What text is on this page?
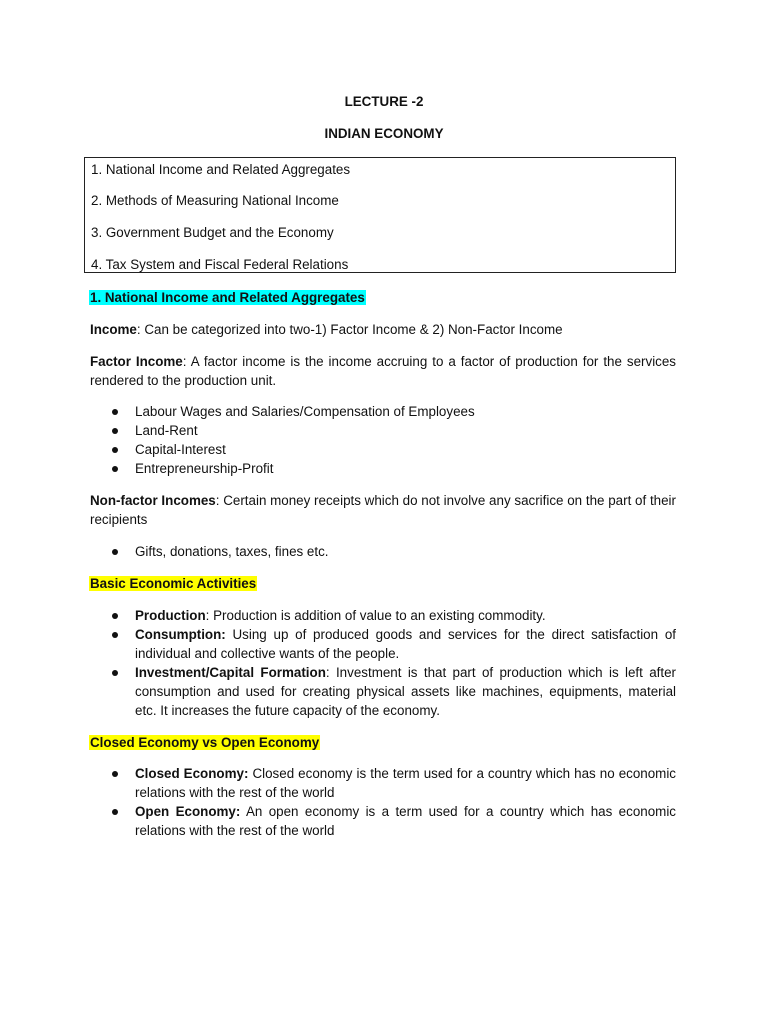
LECTURE -2
INDIAN ECONOMY
1. National Income and Related Aggregates
2. Methods of Measuring National Income
3. Government Budget and the Economy
4. Tax System and Fiscal Federal Relations
1. National Income and Related Aggregates
Income: Can be categorized into two-1) Factor Income & 2) Non-Factor Income
Factor Income: A factor income is the income accruing to a factor of production for the services rendered to the production unit.
Labour Wages and Salaries/Compensation of Employees
Land-Rent
Capital-Interest
Entrepreneurship-Profit
Non-factor Incomes: Certain money receipts which do not involve any sacrifice on the part of their recipients
Gifts, donations, taxes, fines etc.
Basic Economic Activities
Production: Production is addition of value to an existing commodity.
Consumption: Using up of produced goods and services for the direct satisfaction of individual and collective wants of the people.
Investment/Capital Formation: Investment is that part of production which is left after consumption and used for creating physical assets like machines, equipments, material etc. It increases the future capacity of the economy.
Closed Economy vs Open Economy
Closed Economy: Closed economy is the term used for a country which has no economic relations with the rest of the world
Open Economy: An open economy is a term used for a country which has economic relations with the rest of the world
